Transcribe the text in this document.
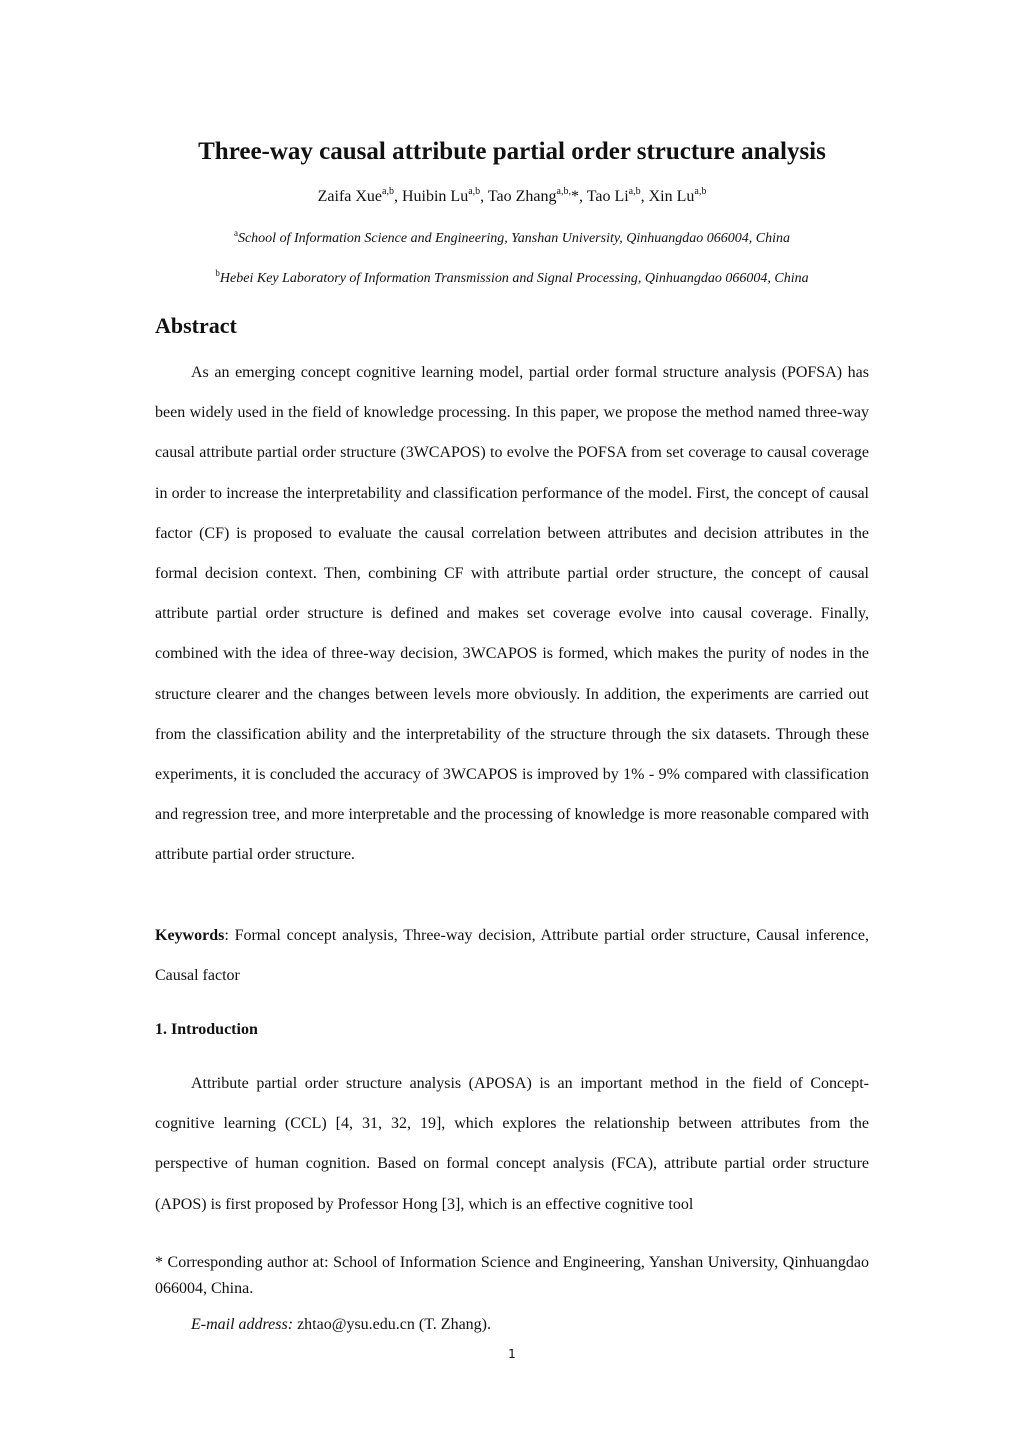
Three-way causal attribute partial order structure analysis
Zaifa Xue$^{a,b}$, Huibin Lu$^{a,b}$, Tao Zhang$^{a,b,}$*, Tao Li$^{a,b}$, Xin Lu$^{a,b}$
$^a$School of Information Science and Engineering, Yanshan University, Qinhuangdao 066004, China
$^b$Hebei Key Laboratory of Information Transmission and Signal Processing, Qinhuangdao 066004, China
Abstract

As an emerging concept cognitive learning model, partial order formal structure analysis (POFSA) has been widely used in the field of knowledge processing. In this paper, we propose the method named three-way causal attribute partial order structure (3WCAPOS) to evolve the POFSA from set coverage to causal coverage in order to increase the interpretability and classification performance of the model. First, the concept of causal factor (CF) is proposed to evaluate the causal correlation between attributes and decision attributes in the formal decision context. Then, combining CF with attribute partial order structure, the concept of causal attribute partial order structure is defined and makes set coverage evolve into causal coverage. Finally, combined with the idea of three-way decision, 3WCAPOS is formed, which makes the purity of nodes in the structure clearer and the changes between levels more obviously. In addition, the experiments are carried out from the classification ability and the interpretability of the structure through the six datasets. Through these experiments, it is concluded the accuracy of 3WCAPOS is improved by 1% - 9% compared with classification and regression tree, and more interpretable and the processing of knowledge is more reasonable compared with attribute partial order structure.

Keywords: Formal concept analysis, Three-way decision, Attribute partial order structure, Causal inference, Causal factor

1. Introduction

Attribute partial order structure analysis (APOSA) is an important method in the field of Concept-cognitive learning (CCL) [4, 31, 32, 19], which explores the relationship between attributes from the perspective of human cognition. Based on formal concept analysis (FCA), attribute partial order structure (APOS) is first proposed by Professor Hong [3], which is an effective cognitive tool

* Corresponding author at: School of Information Science and Engineering, Yanshan University, Qinhuangdao 066004, China.
E-mail address: zhtao@ysu.edu.cn (T. Zhang).
1
